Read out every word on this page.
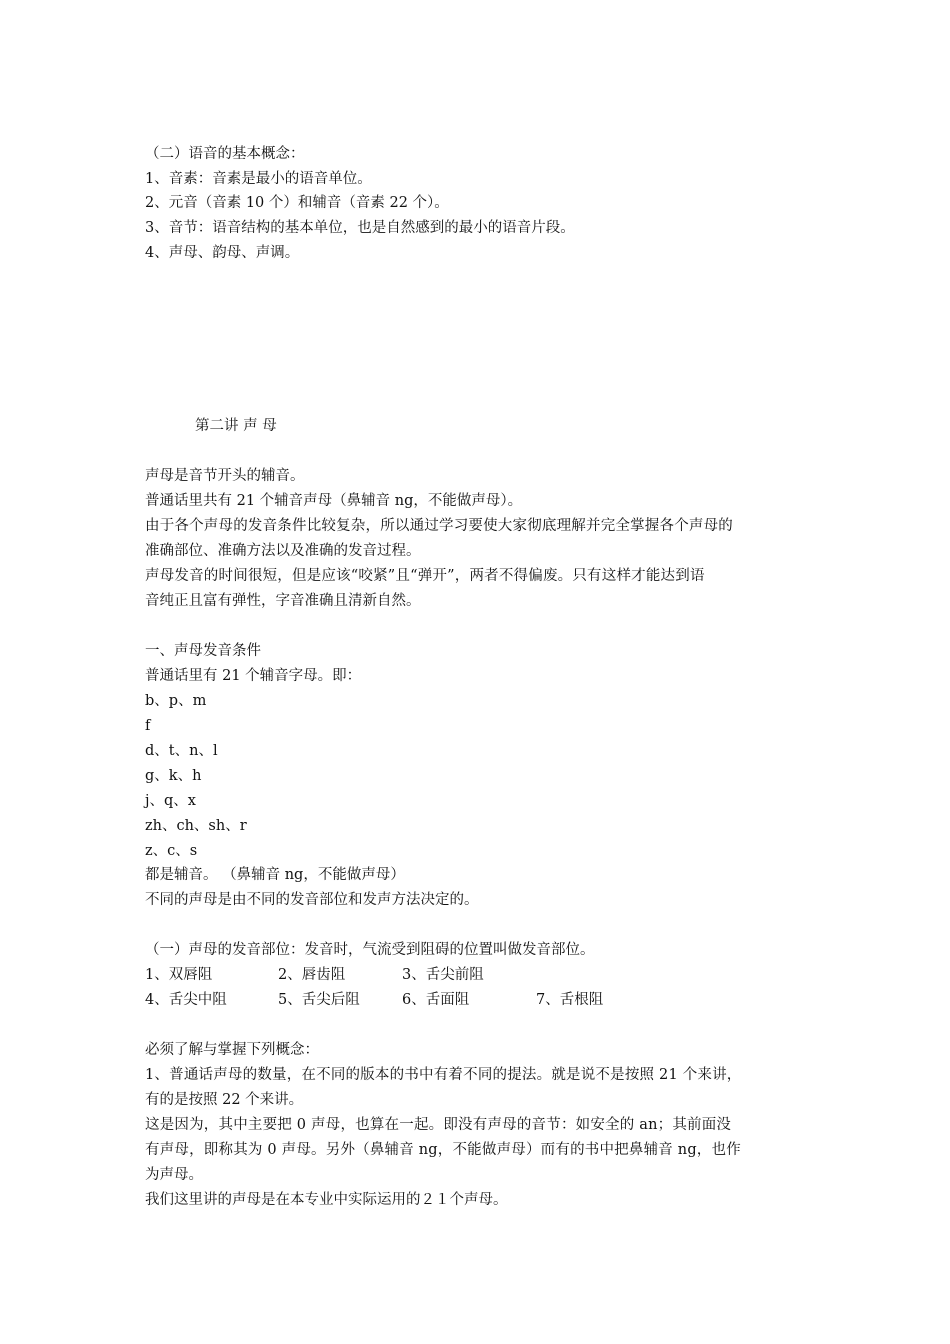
（二）语音的基本概念：
1、音素：音素是最小的语音单位。
2、元音（音素 10 个）和辅音（音素 22 个）。
3、音节：语音结构的基本单位，也是自然感到的最小的语音片段。
4、声母、韵母、声调。
第二讲 声 母
声母是音节开头的辅音。
普通话里共有 21 个辅音声母（鼻辅音 ng，不能做声母）。
由于各个声母的发音条件比较复杂，所以通过学习要使大家彻底理解并完全掌握各个声母的
准确部位、准确方法以及准确的发音过程。
声母发音的时间很短，但是应该“咬紧”且“弹开”，两者不得偏废。只有这样才能达到语
音纯正且富有弹性，字音准确且清新自然。
一、声母发音条件
普通话里有 21 个辅音字母。即：
b、p、m
f
d、t、n、l
g、k、h
j、q、x
zh、ch、sh、r
z、c、s
都是辅音。 （鼻辅音 ng，不能做声母）
不同的声母是由不同的发音部位和发声方法决定的。
（一）声母的发音部位：发音时，气流受到阻碍的位置叫做发音部位。
1、双唇阻	2、唇齿阻	3、舌尖前阻
4、舌尖中阻	5、舌尖后阻	6、舌面阻	7、舌根阻
必须了解与掌握下列概念：
1、普通话声母的数量，在不同的版本的书中有着不同的提法。就是说不是按照 21 个来讲，
有的是按照 22 个来讲。
这是因为，其中主要把 0 声母，也算在一起。即没有声母的音节：如安全的 an；其前面没
有声母，即称其为 0 声母。另外（鼻辅音 ng，不能做声母）而有的书中把鼻辅音 ng，也作
为声母。
我们这里讲的声母是在本专业中实际运用的２１个声母。
